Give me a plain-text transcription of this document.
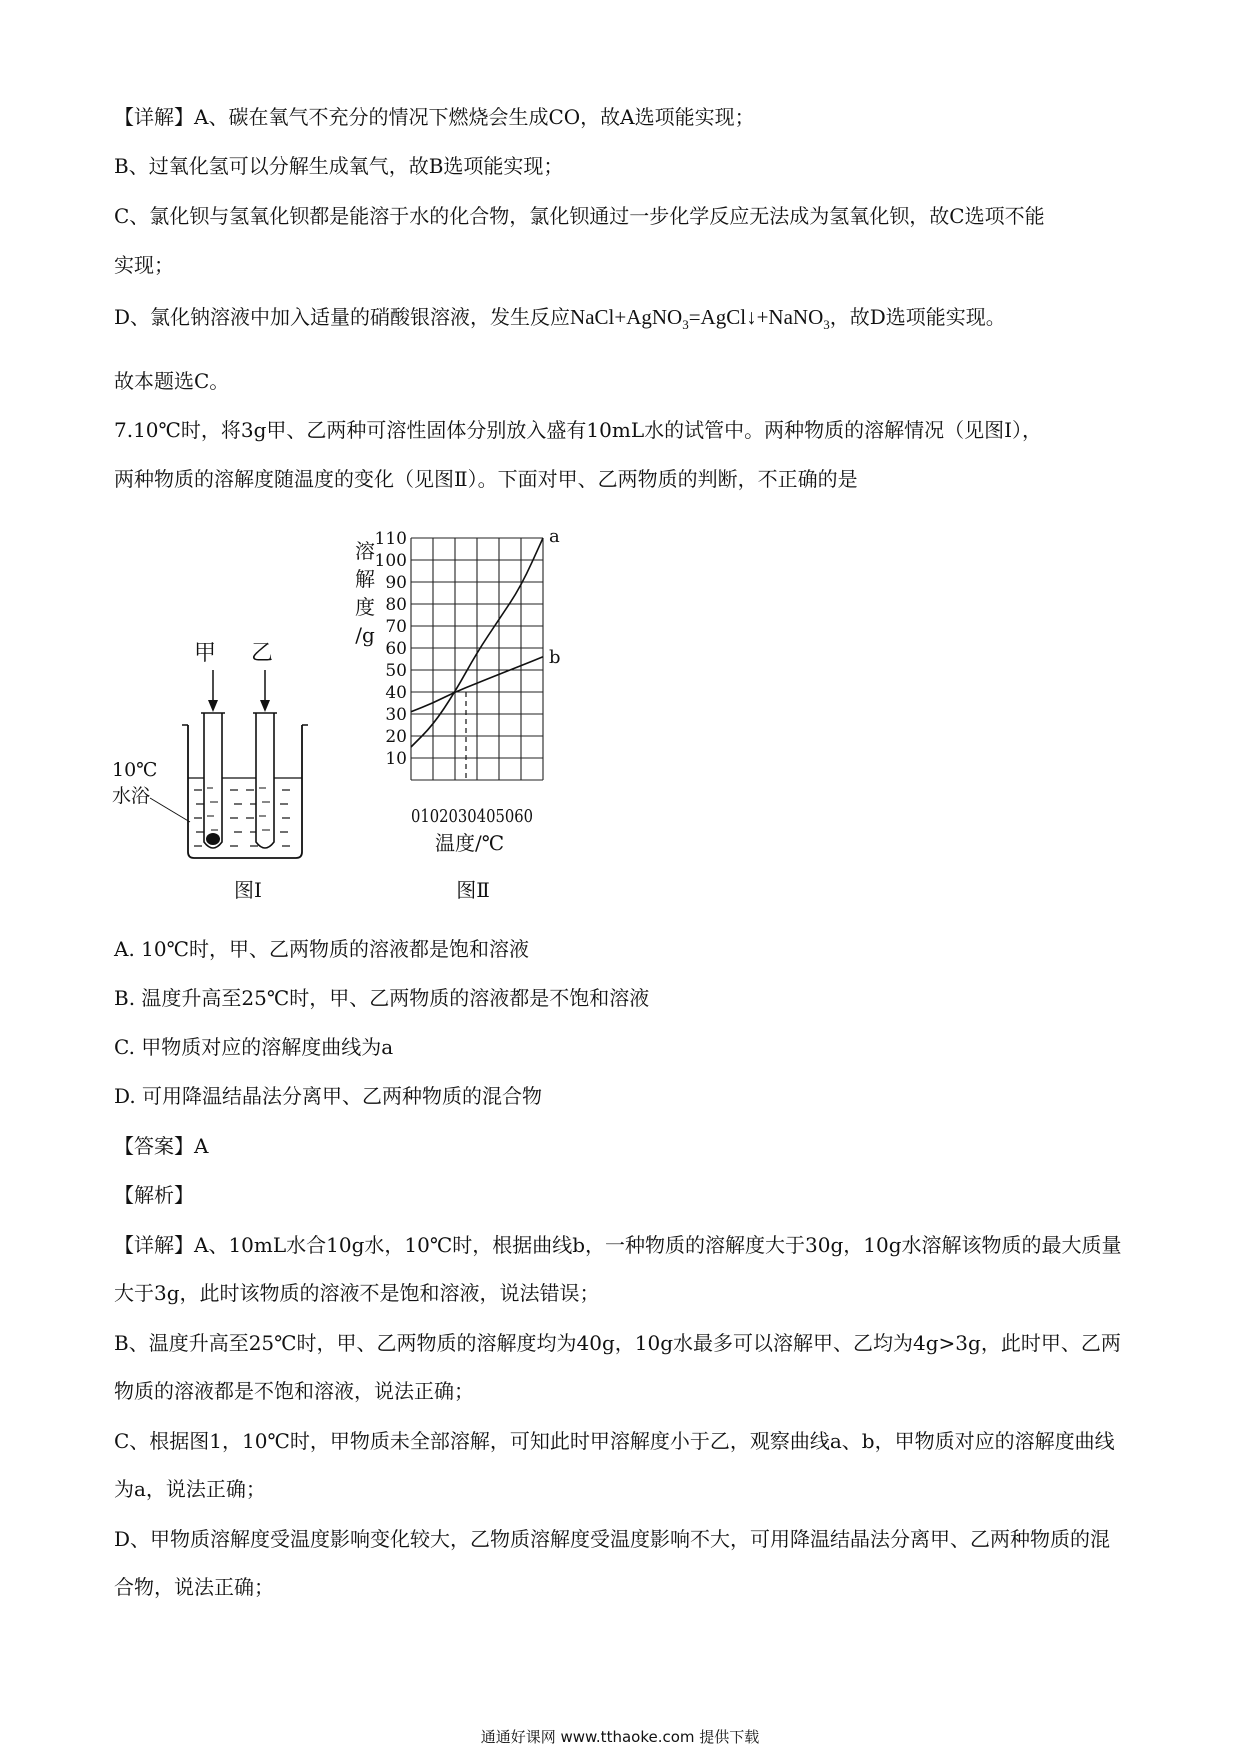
【详解】A、碳在氧气不充分的情况下燃烧会生成CO，故A选项能实现；
B、过氧化氢可以分解生成氧气，故B选项能实现；
C、氯化钡与氢氧化钡都是能溶于水的化合物，氯化钡通过一步化学反应无法成为氢氧化钡，故C选项不能
实现；
D、氯化钠溶液中加入适量的硝酸银溶液，发生反应NaCl+AgNO$_3$=AgCl↓+NaNO$_3$，故D选项能实现。
故本题选C。
7.10℃时，将3g甲、乙两种可溶性固体分别放入盛有10mL水的试管中。两种物质的溶解情况（见图I），
两种物质的溶解度随温度的变化（见图Ⅱ）。下面对甲、乙两物质的判断，不正确的是
甲 乙
10℃
水浴
图I
溶
解
度
/g
10
20
30
40
50
60
70
80
90
100
110	a
b
0102030405060
温度/℃
图Ⅱ
A. 10℃时，甲、乙两物质的溶液都是饱和溶液
B. 温度升高至25℃时，甲、乙两物质的溶液都是不饱和溶液
C. 甲物质对应的溶解度曲线为a
D. 可用降温结晶法分离甲、乙两种物质的混合物
【答案】A
【解析】
【详解】A、10mL水合10g水，10℃时，根据曲线b，一种物质的溶解度大于30g，10g水溶解该物质的最大质量大于3g，此时该物质的溶液不是饱和溶液，说法错误；
B、温度升高至25℃时，甲、乙两物质的溶解度均为40g，10g水最多可以溶解甲、乙均为4g>3g，此时甲、乙两物质的溶液都是不饱和溶液，说法正确；
C、根据图1，10℃时，甲物质未全部溶解，可知此时甲溶解度小于乙，观察曲线a、b，甲物质对应的溶解度曲线为a，说法正确；
D、甲物质溶解度受温度影响变化较大，乙物质溶解度受温度影响不大，可用降温结晶法分离甲、乙两种物质的混合物，说法正确；
通通好课网 www.tthaoke.com 提供下载
